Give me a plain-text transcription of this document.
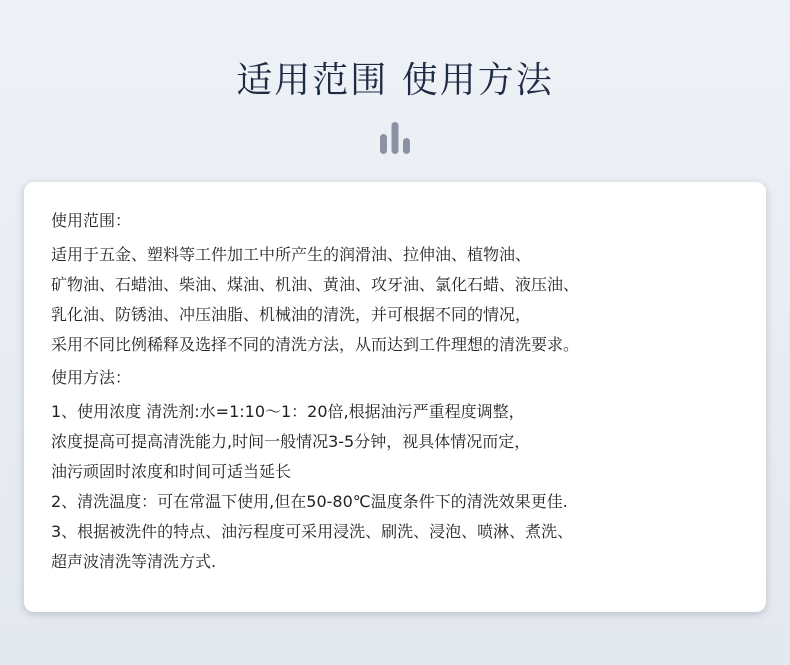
适用范围 使用方法
使用范围：
适用于五金、塑料等工件加工中所产生的润滑油、拉伸油、植物油、
矿物油、石蜡油、柴油、煤油、机油、黄油、攻牙油、氯化石蜡、液压油、
乳化油、防锈油、冲压油脂、机械油的清洗，并可根据不同的情况，
采用不同比例稀释及选择不同的清洗方法，从而达到工件理想的清洗要求。
使用方法：
1、使用浓度 清洗剂:水=1:10～1：20倍,根据油污严重程度调整，
浓度提高可提高清洗能力,时间一般情况3-5分钟，视具体情况而定，
油污顽固时浓度和时间可适当延长
2、清洗温度：可在常温下使用,但在50-80℃温度条件下的清洗效果更佳.
3、根据被洗件的特点、油污程度可采用浸洗、刷洗、浸泡、喷淋、煮洗、
超声波清洗等清洗方式.
